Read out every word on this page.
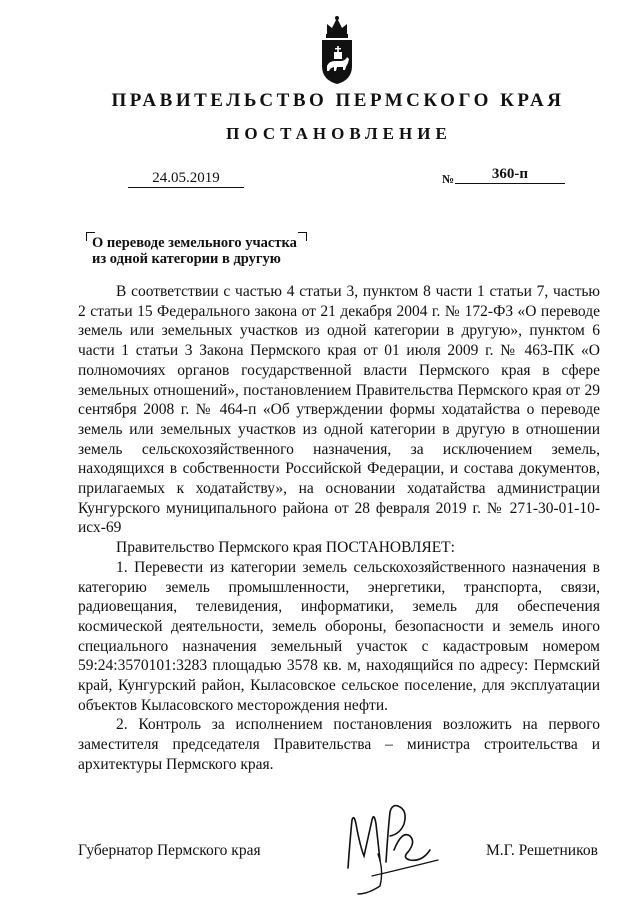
ПРАВИТЕЛЬСТВО ПЕРМСКОГО КРАЯ
ПОСТАНОВЛЕНИЕ
24.05.2019	№	360-п
О переводе земельного участка
из одной категории в другую

В соответствии с частью 4 статьи 3, пунктом 8 части 1 статьи 7, частью 2 статьи 15 Федерального закона от 21 декабря 2004 г. № 172-ФЗ «О переводе земель или земельных участков из одной категории в другую», пунктом 6 части 1 статьи 3 Закона Пермского края от 01 июля 2009 г. № 463-ПК «О полномочиях органов государственной власти Пермского края в сфере земельных отношений», постановлением Правительства Пермского края от 29 сентября 2008 г. № 464-п «Об утверждении формы ходатайства о переводе земель или земельных участков из одной категории в другую в отношении земель сельскохозяйственного назначения, за исключением земель, находящихся в собственности Российской Федерации, и состава документов, прилагаемых к ходатайству», на основании ходатайства администрации Кунгурского муниципального района от 28 февраля 2019 г. № 271-30-01-10-исх-69

Правительство Пермского края ПОСТАНОВЛЯЕТ:

1. Перевести из категории земель сельскохозяйственного назначения в категорию земель промышленности, энергетики, транспорта, связи, радиовещания, телевидения, информатики, земель для обеспечения космической деятельности, земель обороны, безопасности и земель иного специального назначения земельный участок с кадастровым номером 59:24:3570101:3283 площадью 3578 кв. м, находящийся по адресу: Пермский край, Кунгурский район, Кыласовское сельское поселение, для эксплуатации объектов Кыласовского месторождения нефти.

2. Контроль за исполнением постановления возложить на первого заместителя председателя Правительства – министра строительства и архитектуры Пермского края.

Губернатор Пермского края	М.Г. Решетников
